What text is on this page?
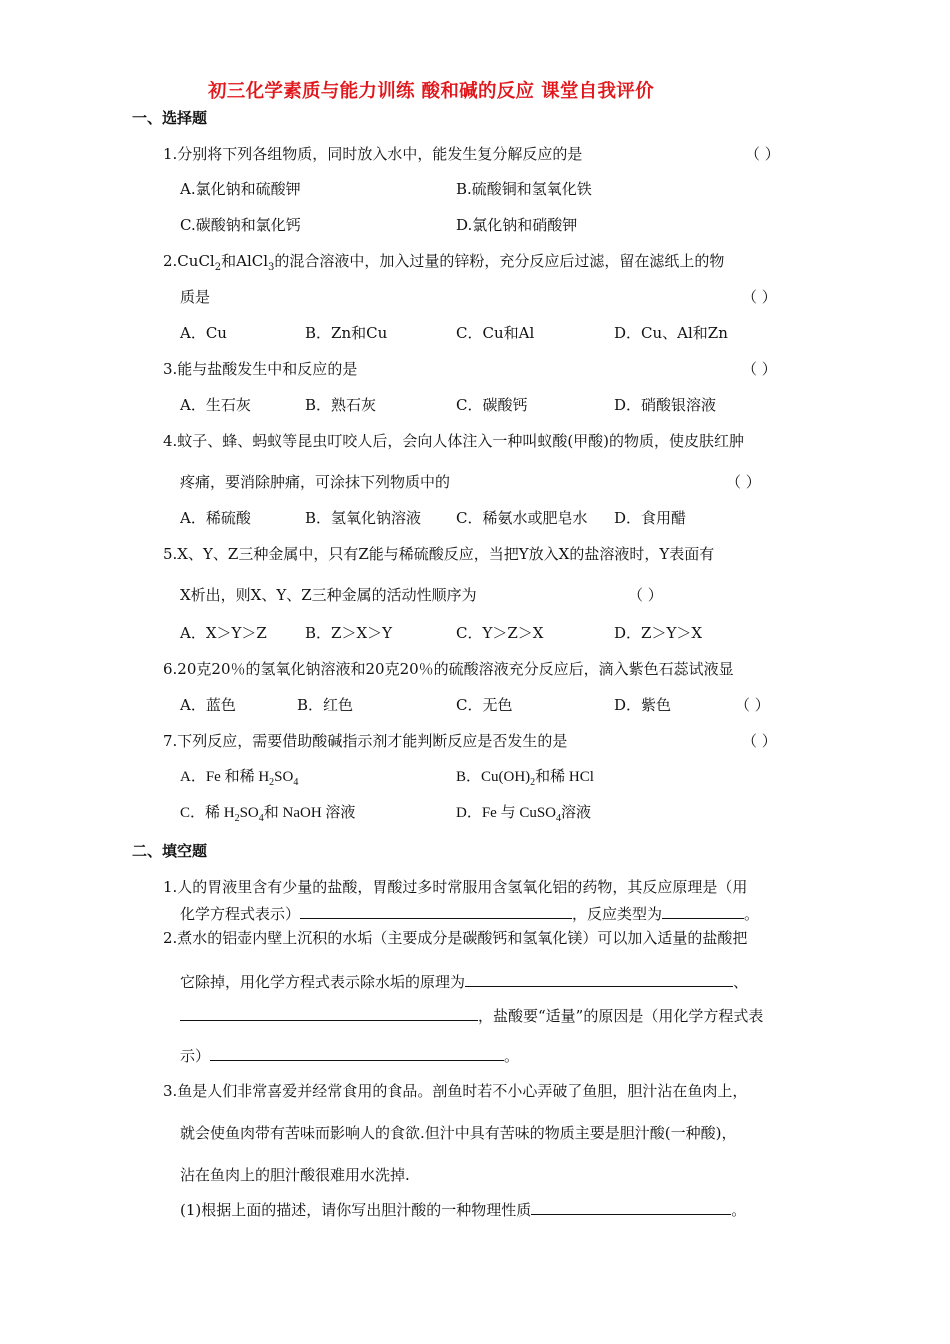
初三化学素质与能力训练 酸和碱的反应 课堂自我评价
一、选择题
1.分别将下列各组物质，同时放入水中，能发生复分解反应的是	（ ）
A.氯化钠和硫酸钾	B.硫酸铜和氢氧化铁
C.碳酸钠和氯化钙	D.氯化钠和硝酸钾
2.CuCl$_2$和AlCl$_3$的混合溶液中，加入过量的锌粉，充分反应后过滤，留在滤纸上的物
质是	（ ）
A．Cu	B．Zn和Cu	C．Cu和Al	D．Cu、Al和Zn
3.能与盐酸发生中和反应的是	（ ）
A．生石灰	B．熟石灰	C．碳酸钙	D．硝酸银溶液
4.蚊子、蜂、蚂蚁等昆虫叮咬人后，会向人体注入一种叫蚁酸(甲酸)的物质，使皮肤红肿
疼痛，要消除肿痛，可涂抹下列物质中的	（ ）
A．稀硫酸	B．氢氧化钠溶液 C．稀氨水或肥皂水 D．食用醋
5.X、Y、Z三种金属中，只有Z能与稀硫酸反应，当把Y放入X的盐溶液时，Y表面有
X析出，则X、Y、Z三种金属的活动性顺序为	（ ）
A．X＞Y＞Z	B．Z＞X＞Y	C．Y＞Z＞X	D．Z＞Y＞X
6.20克20％的氢氧化钠溶液和20克20％的硫酸溶液充分反应后，滴入紫色石蕊试液显
A．蓝色	B．红色	C．无色	D．紫色	（ ）
7.下列反应，需要借助酸碱指示剂才能判断反应是否发生的是	（ ）
A．Fe 和稀 $H_2SO_4$	B．$Cu(OH)_2$和稀 HCl
C．稀 $H_2SO_4$和 NaOH 溶液	D．Fe 与 CuSO$_4$溶液
二、填空题
1.人的胃液里含有少量的盐酸，胃酸过多时常服用含氢氧化铝的药物，其反应原理是（用
化学方程式表示）	，反应类型为	。
2.煮水的铝壶内壁上沉积的水垢（主要成分是碳酸钙和氢氧化镁）可以加入适量的盐酸把
它除掉，用化学方程式表示除水垢的原理为	、
，盐酸要“适量”的原因是（用化学方程式表
示）	。
3.鱼是人们非常喜爱并经常食用的食品。剖鱼时若不小心弄破了鱼胆，胆汁沾在鱼肉上，
就会使鱼肉带有苦味而影响人的食欲.但汁中具有苦味的物质主要是胆汁酸(一种酸)，
沾在鱼肉上的胆汁酸很难用水洗掉.
(1)根据上面的描述，请你写出胆汁酸的一种物理性质	。
